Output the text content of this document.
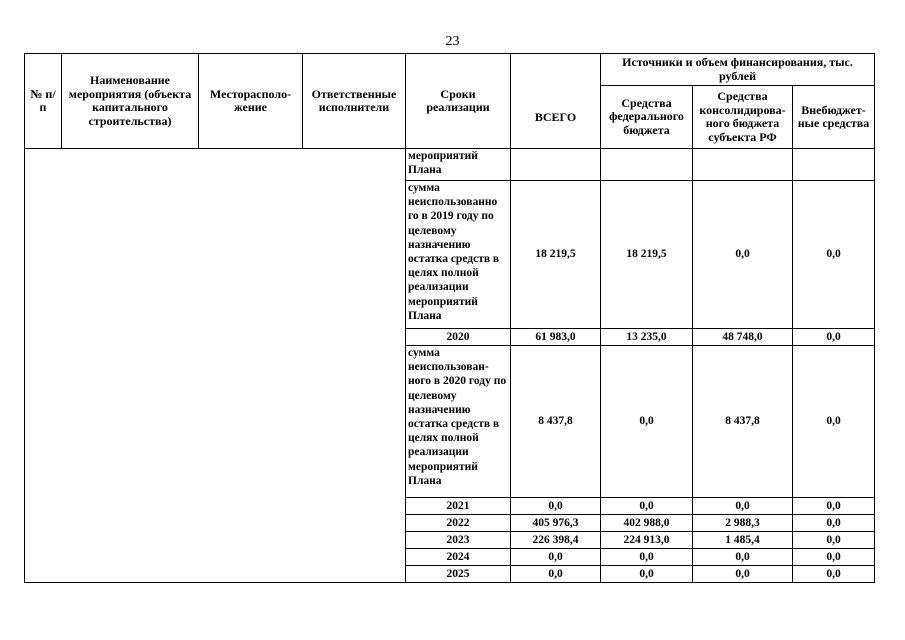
23
№ п/п	Наименование мероприятия (объекта капитального строительства)	Месторасполо-жение	Ответственные исполнители	Сроки реализации	ВСЕГО	Источники и объем финансирования, тыс. рублей		
						Средства федерального бюджета	Средства консолидирова-ного бюджета субъекта РФ	Внебюджет-ные средства
				мероприятий Плана				
				сумма неиспользованно го в 2019 году по целевому назначению остатка средств в целях полной реализации мероприятий Плана	18 219,5	18 219,5	0,0	0,0
				2020	61 983,0	13 235,0	48 748,0	0,0
				сумма неиспользован-ного в 2020 году по целевому назначению остатка средств в целях полной реализации мероприятий Плана	8 437,8	0,0	8 437,8	0,0
				2021	0,0	0,0	0,0	0,0
				2022	405 976,3	402 988,0	2 988,3	0,0
				2023	226 398,4	224 913,0	1 485,4	0,0
				2024	0,0	0,0	0,0	0,0
				2025	0,0	0,0	0,0	0,0
